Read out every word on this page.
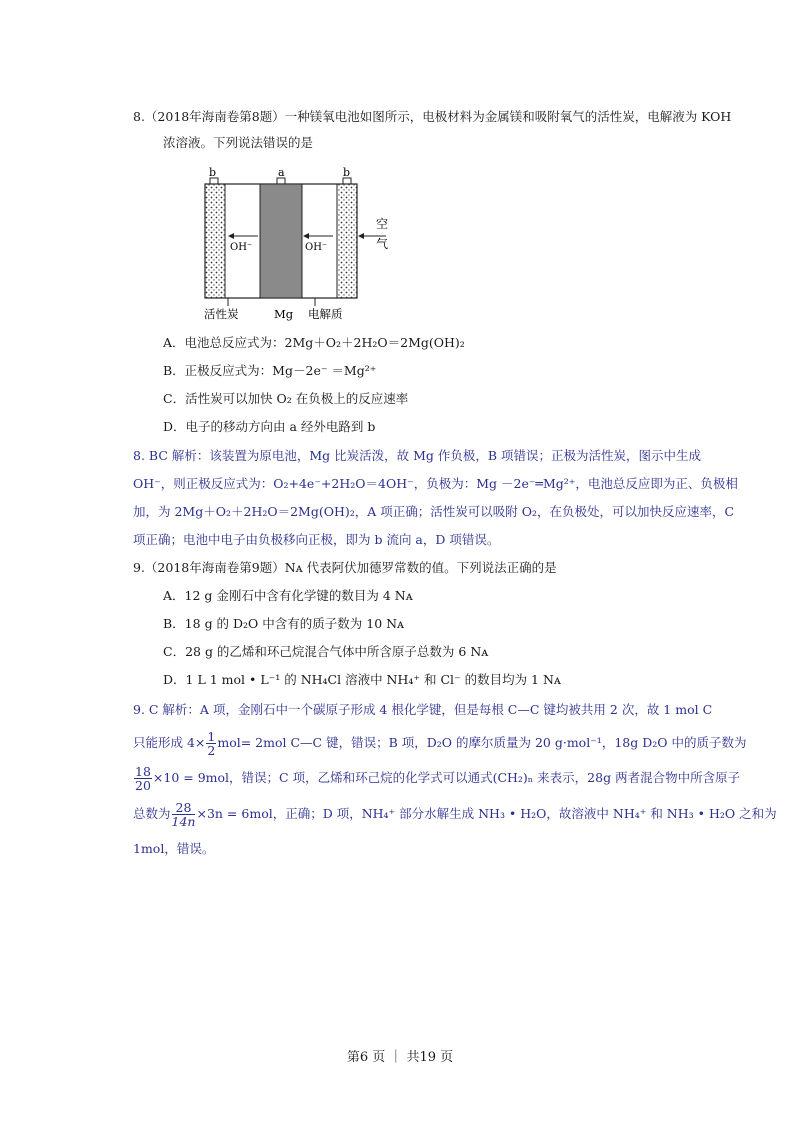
8.（2018年海南卷第8题）一种镁氧电池如图所示，电极材料为金属镁和吸附氧气的活性炭，电解液为 KOH
浓溶液。下列说法错误的是
b	a	b
OH⁻	OH⁻
空
气
活性炭	Mg 电解质
A．电池总反应式为：2Mg＋O₂＋2H₂O＝2Mg(OH)₂
B．正极反应式为：Mg－2e⁻ ＝Mg²⁺
C．活性炭可以加快 O₂ 在负极上的反应速率
D．电子的移动方向由 a 经外电路到 b
8. BC 解析：该装置为原电池，Mg 比炭活泼，故 Mg 作负极，B 项错误；正极为活性炭，图示中生成
OH⁻，则正极反应式为：O₂+4e⁻+2H₂O＝4OH⁻，负极为：Mg －2e⁻═Mg²⁺，电池总反应即为正、负极相
加，为 2Mg＋O₂＋2H₂O＝2Mg(OH)₂，A 项正确；活性炭可以吸附 O₂，在负极处，可以加快反应速率，C
项正确；电池中电子由负极移向正极，即为 b 流向 a，D 项错误。
9.（2018年海南卷第9题）Nᴀ 代表阿伏加德罗常数的值。下列说法正确的是
A．12 g 金刚石中含有化学键的数目为 4 Nᴀ
B．18 g 的 D₂O 中含有的质子数为 10 Nᴀ
C．28 g 的乙烯和环己烷混合气体中所含原子总数为 6 Nᴀ
D．1 L 1 mol • L⁻¹ 的 NH₄Cl 溶液中 NH₄⁺ 和 Cl⁻ 的数目均为 1 Nᴀ
9. C 解析：A 项，金刚石中一个碳原子形成 4 根化学键，但是每根 C—C 键均被共用 2 次，故 1 mol C
只能形成 $4\times \frac{1}{2} mol= 2mol$ C—C 键，错误；B 项，D₂O 的摩尔质量为 20 g·mol⁻¹，18g D₂O 中的质子数为
$\frac{18}{20} \times 10 = 9mol$，错误；C 项，乙烯和环己烷的化学式可以通式(CH₂)ₙ 来表示，28g 两者混合物中所含原子
总数为 $\frac{28}{14n} \times 3n = 6mol$，正确；D 项，NH₄⁺ 部分水解生成 NH₃ • H₂O，故溶液中 NH₄⁺ 和 NH₃ • H₂O 之和为
1mol，错误。
第6 页 ｜ 共19 页
